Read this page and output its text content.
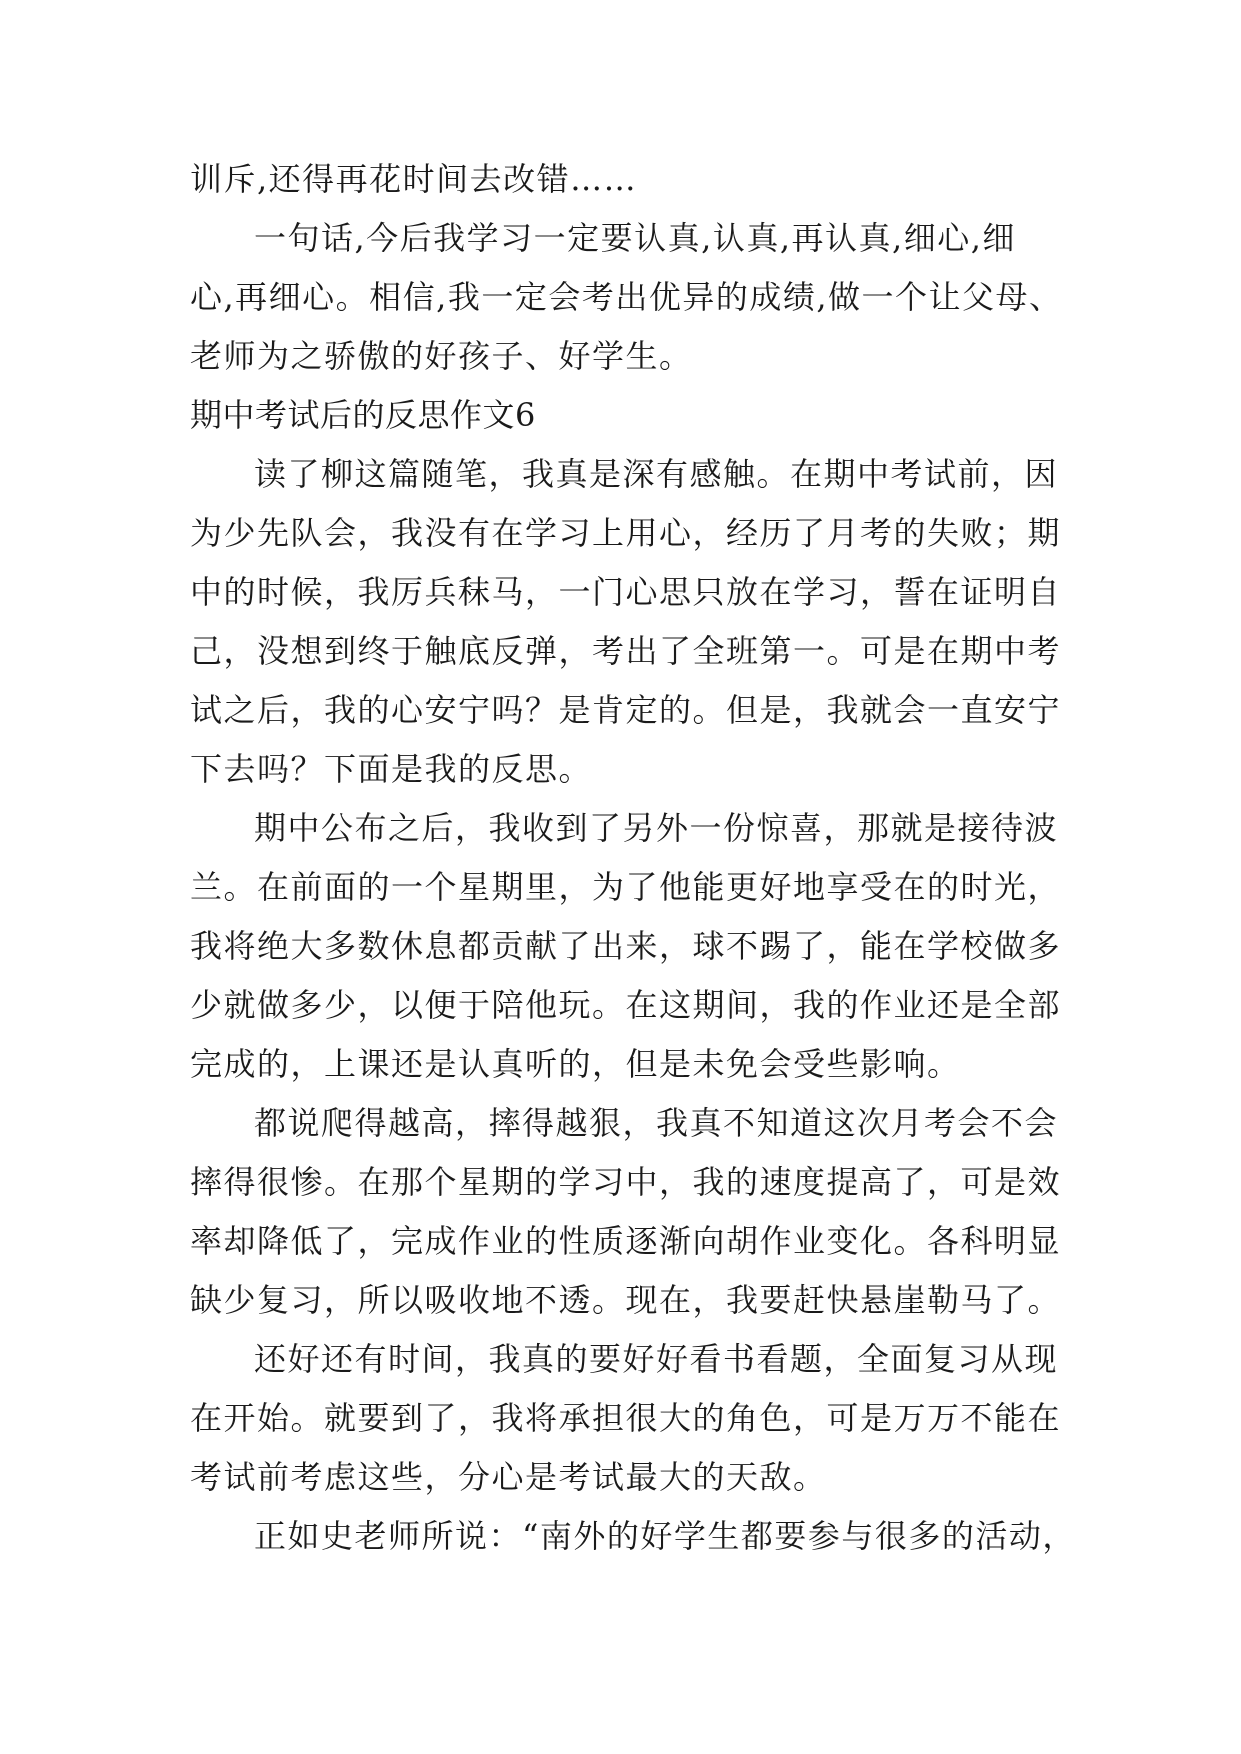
训斥,还得再花时间去改错……
一句话,今后我学习一定要认真,认真,再认真,细心,细
心,再细心。相信,我一定会考出优异的成绩,做一个让父母、
老师为之骄傲的好孩子、好学生。
期中考试后的反思作文6
读了柳这篇随笔，我真是深有感触。在期中考试前，因
为少先队会，我没有在学习上用心，经历了月考的失败；期
中的时候，我厉兵秣马，一门心思只放在学习，誓在证明自
己，没想到终于触底反弹，考出了全班第一。可是在期中考
试之后，我的心安宁吗？是肯定的。但是，我就会一直安宁
下去吗？下面是我的反思。
期中公布之后，我收到了另外一份惊喜，那就是接待波
兰。在前面的一个星期里，为了他能更好地享受在的时光，
我将绝大多数休息都贡献了出来，球不踢了，能在学校做多
少就做多少，以便于陪他玩。在这期间，我的作业还是全部
完成的，上课还是认真听的，但是未免会受些影响。
都说爬得越高，摔得越狠，我真不知道这次月考会不会
摔得很惨。在那个星期的学习中，我的速度提高了，可是效
率却降低了，完成作业的性质逐渐向胡作业变化。各科明显
缺少复习，所以吸收地不透。现在，我要赶快悬崖勒马了。
还好还有时间，我真的要好好看书看题，全面复习从现
在开始。就要到了，我将承担很大的角色，可是万万不能在
考试前考虑这些，分心是考试最大的天敌。
正如史老师所说：“南外的好学生都要参与很多的活动，
